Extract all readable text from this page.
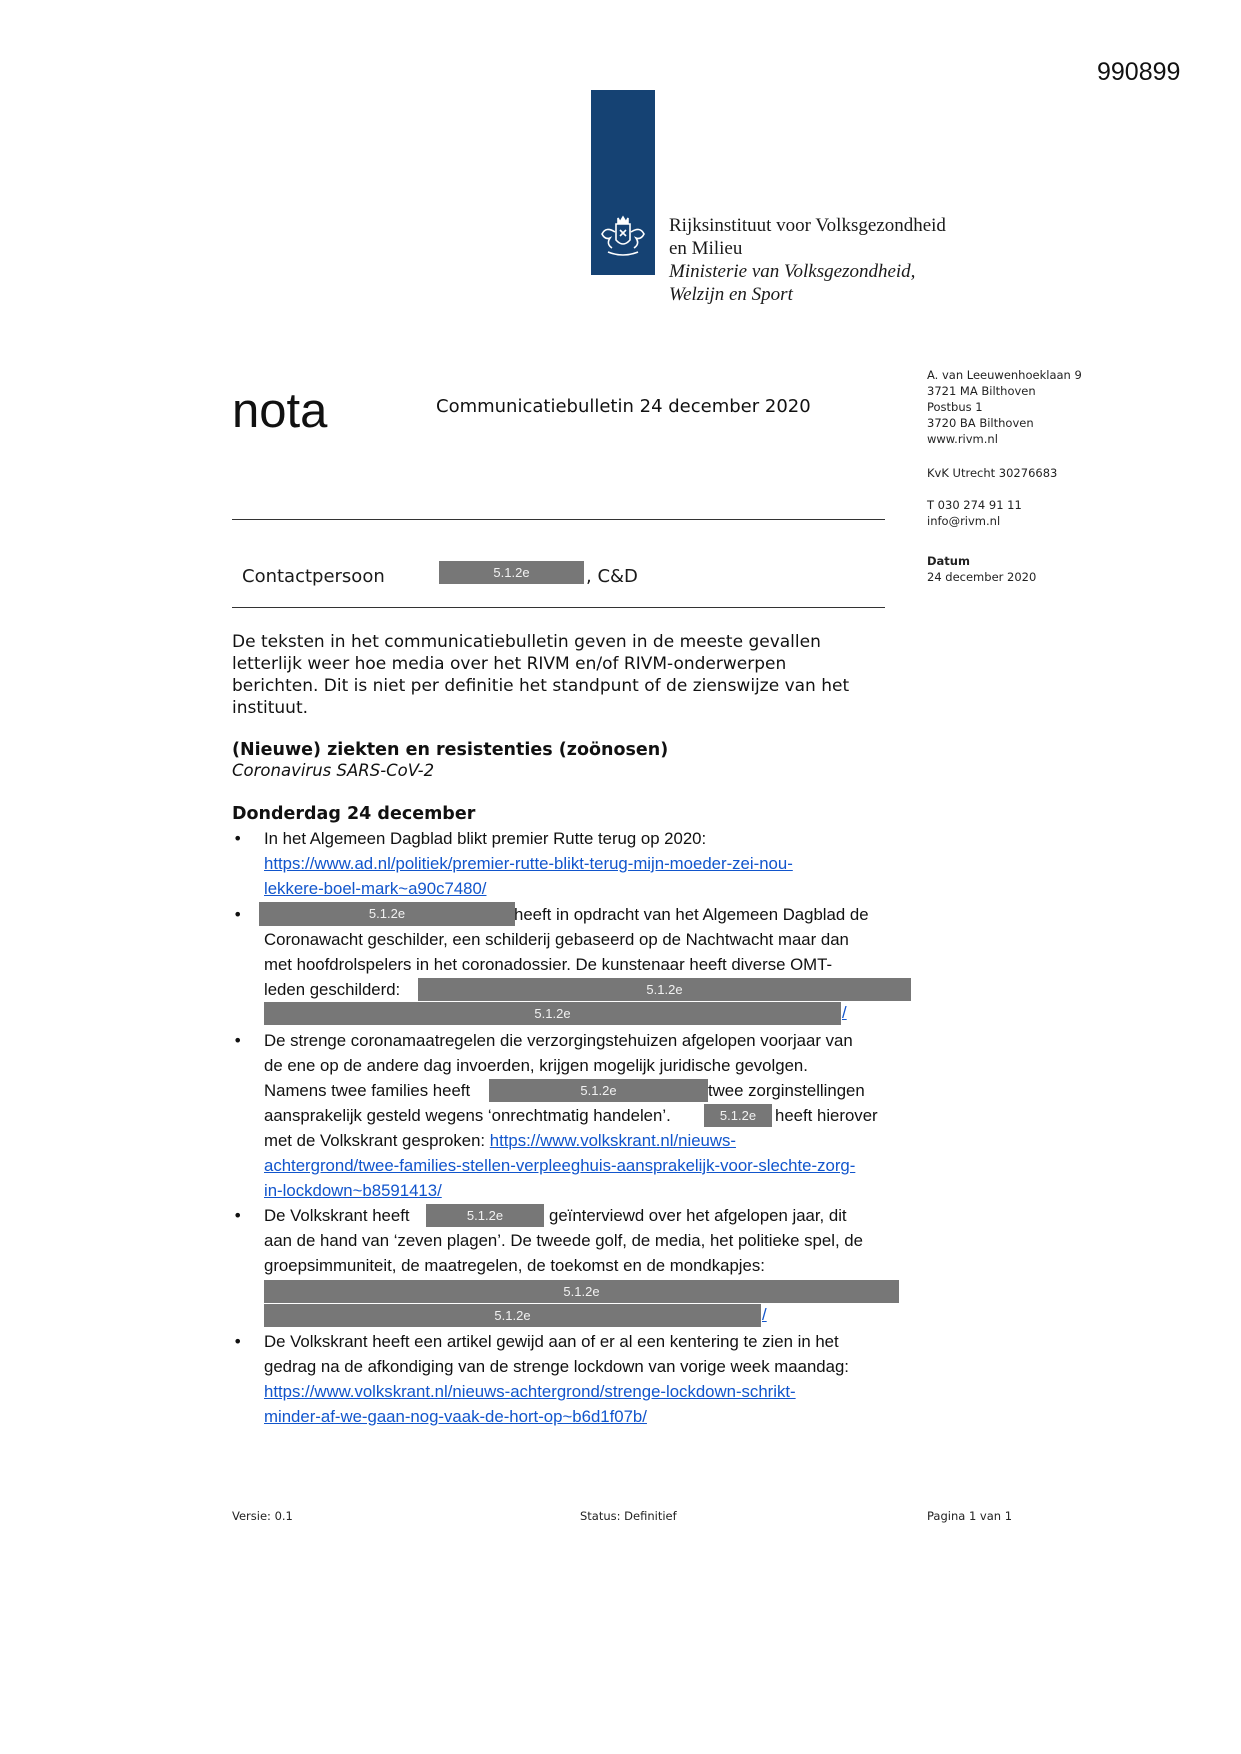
990899
Rijksinstituut voor Volksgezondheid
en Milieu
Ministerie van Volksgezondheid,
Welzijn en Sport
nota	Communicatiebulletin 24 december 2020
A. van Leeuwenhoeklaan 9
3721 MA Bilthoven
Postbus 1
3720 BA Bilthoven
www.rivm.nl
KvK Utrecht 30276683
T 030 274 91 11
info@rivm.nl
Datum
24 december 2020
Contactpersoon	5.1.2e	, C&D
De teksten in het communicatiebulletin geven in de meeste gevallen
letterlijk weer hoe media over het RIVM en/of RIVM-onderwerpen
berichten. Dit is niet per definitie het standpunt of de zienswijze van het
instituut.
(Nieuwe) ziekten en resistenties (zoönosen)
Coronavirus SARS-CoV-2
Donderdag 24 december
• In het Algemeen Dagblad blikt premier Rutte terug op 2020:
https://www.ad.nl/politiek/premier-rutte-blikt-terug-mijn-moeder-zei-nou-
lekkere-boel-mark~a90c7480/
•	5.1.2e	heeft in opdracht van het Algemeen Dagblad de
Coronawacht geschilder, een schilderij gebaseerd op de Nachtwacht maar dan
met hoofdrolspelers in het coronadossier. De kunstenaar heeft diverse OMT-
leden geschilderd:	5.1.2e
5.1.2e	/
• De strenge coronamaatregelen die verzorgingstehuizen afgelopen voorjaar van
de ene op de andere dag invoerden, krijgen mogelijk juridische gevolgen.
Namens twee families heeft	5.1.2e	twee zorginstellingen
aansprakelijk gesteld wegens ‘onrechtmatig handelen’.	5.1.2e	heeft hierover
met de Volkskrant gesproken: https://www.volkskrant.nl/nieuws-
achtergrond/twee-families-stellen-verpleeghuis-aansprakelijk-voor-slechte-zorg-
in-lockdown~b8591413/
• De Volkskrant heeft	5.1.2e	geïnterviewd over het afgelopen jaar, dit
aan de hand van ‘zeven plagen’. De tweede golf, de media, het politieke spel, de
groepsimmuniteit, de maatregelen, de toekomst en de mondkapjes:
5.1.2e
5.1.2e	/
• De Volkskrant heeft een artikel gewijd aan of er al een kentering te zien in het
gedrag na de afkondiging van de strenge lockdown van vorige week maandag:
https://www.volkskrant.nl/nieuws-achtergrond/strenge-lockdown-schrikt-
minder-af-we-gaan-nog-vaak-de-hort-op~b6d1f07b/
Versie: 0.1	Status: Definitief	Pagina 1 van 1
